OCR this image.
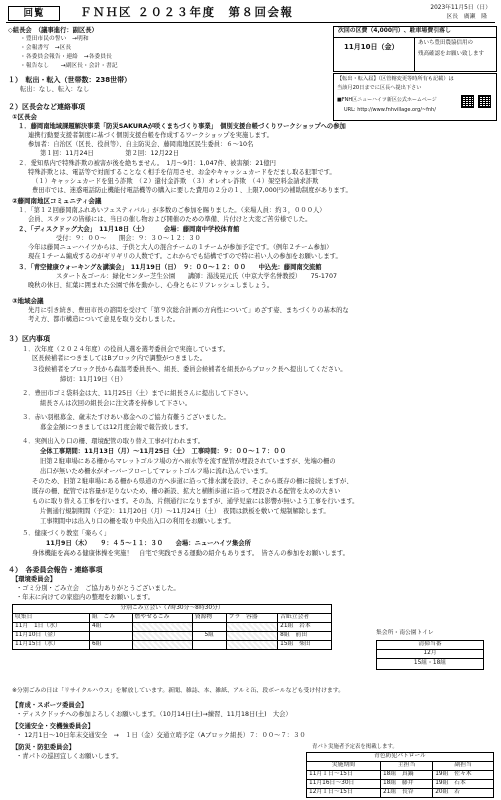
回覧	ＦＮＨ区 ２０２３年度　第８回会報	2023年11月5日（日）
区長　廣瀬　隆
次回の区費（4,000円）、駐車場費引落し
11月10日（金）	あいち豊田農協信用の
残高確認をお願い致します
【転出・転入届】（区管轄変更等時所有も記載）は
当該月20日までに区長へ提出下さい
■FNH区ニューハイツ新区公式ホームページ
URL: http://www.fnhvillage.org/~fnh/
◇組長会　（議事進行：副区長）
・豊田市民の誓い　→明和
・会報書写　→区長
・各委員会報告・連絡　→各委員長
・報告なし　　→副区長・会計・書記
１）　転出・転入（世帯数：238世帯）
転出：なし、転入：なし
２）区長会など連絡事項
①区長会
１．藤岡南地域課題解決事業「防災SAKURAが咲くまちづくり事業」　個別支援台帳づくりワークショップへの参加
連携行動要支援者制度に基づく個別支援台帳を作成するワークショップを実施します。
参加者：自治区（区長、役員等）、自主防災会、藤岡南地区民生委員：６～10名
第１回：11月24日　　　　　第２回：12月22日
２．愛知県内で特殊詐欺の被害が後を絶ちません。　1月～9月：1,047件、被害額：21億円
特殊詐欺とは、電話等で対面することなく相手を信用させ、お金やキャッシュカードをだまし取る犯罪です。
（１）キャッシュカードを狙う詐欺　（２）還付金詐欺　（３）オレオレ詐欺　（４）架空料金請求詐欺
豊田市では、迷惑電話防止機能付電話機等の購入に要した費用の２分の１、上限7,000円の補助制度があります。
②藤岡南地区コミュニティ会議
１．「第１２回藤岡南ふれあいフェスティバル」が多数のご参加を賜りました。（来場人員：約３，０００人）
会員、スタッフの皆様には、当日の催し物および開催のための準備、片付けと大変ご苦労様でした。
２、「ディスクドッグ大会」　11月18日（土）　　　会場：藤岡南中学校体育館
受付：９：００～　　開会：９：３０～１２：３０
今年は藤岡ニューハイツからは、子供と大人の混合チームの１チームが参加予定です。（例年２チーム参加）
現在１チーム編成するのがギリギリの人数です。これからでも結構ですので特に若い人の参加をお願いします。
３．「青空健康ウォーキング＆講演会」　11月19日（日）　９：００～１２：００　　中込先：藤岡南交流館
スタート＆ゴール：緑化センター芝生公園　　講師：湯浅晃元氏（中京大学名誉教授）　　75-1707
晩秋の休日、紅葉に囲まれた公園で体を動かし、心身ともにリフレッシュしましょう。
③地域会議
先月に引き続き、豊田市長の諮問を受けて「第９次総合計画の方向性について」めざす姿、まちづくりの基本的な
考え方、都市構造について意見を取り交わしました。
３）区内事項
１．次年度（２０２４年度）の役員人選を選考委員会で実施しています。
区長候補者につきましてはBブロック内で調整がつきました。
３役候補者をブロック長から森温考委員長へ、組長、委員会候補者を組長からブロック長へ提出してください。
締切：11月19日（日）
２．豊田市ゴミ袋料金は大、11月25日（土）までに組長さんに提出して下さい。
組長さんは次回の組長会に注文書を持参して下さい。
３．赤い羽根募金、歳末たすけあい募金へのご協力有難うございました。
募金金額につきましては12月度会報で報告致します。
４．実例出入り口の柵、環境配管の取り替え工事が行われます。
全体工事期間：11月13日（月）～11月25日（土）　工事時間：９：００～１７：００
旧第２駐車場にある柵からマレットゴルフ場の方へ雨水等を流す配管が埋設されていますが、先端の柵の
出口が無いため柵水がオーバーフローしてマレットゴルフ場に流れ込んでいます。
そのため、旧第２駐車場にある柵から県道の方へ歩道に沿って排水溝を設け、そこから既存の柵に接続しますが、
既存の柵、配管では容量が足りないため、柵の新設、拡大と横断歩道に沿って埋設される配管を太めの大きい
ものに取り替える工事を行います。その為、片側通行になりますが、通学児童には影響が無いよう工事を行います。
片側通行規制期間（予定）：11月20日（月）～11月24日（土）　夜間は鉄板を敷いて規制解除します。
工事期間中は出入り口の柵を取り中央出入口の利用をお願いします。
５．健康づくり教室「楽らく」
11月9日（木）　　９：４５～１１：３０　　会場：ニューハイツ集会所
身体機能を高める健康体操を実施！　自宅で実践できる運動の紹介もあります。　皆さんの参加をお願いします。
４）　各委員会報告・連絡事項
【環境委員会】
・ゴミ分別・ごみ立会　ご協力ありがとうございました。
・年末に向けての家庭内の整理をお願いします。
分別ごみ立会い（7時30分～8時30分）					
収集日	組　ごみ	燃やせるごみ	資源物	プラ　容器	古紙立会者
11月　1日（水）	4組				21組　岩本
11月10日（金）			5組		8組　前田
11月15日（水）	6組				15組　柴田	清掃当番
12月
15組・18組
集会所・南公園トイレ
※分別ごみの日は「リサイクルハウス」を解放しています。新聞、雑誌、本、雑紙、アルミ缶、段ボールなども受け付けます。
【育成・スポーツ委員会】
・ディスクドッチへの参加よろしくお願いします。（10月14日(土)→練習、11月18日(土)　大会）
【交通安全・交機強委員会】
・ 12月1日～10日年末交通安全　→　１日（金）交通立哨予定（Aブロック組長）７：００～７：３０
【防災・防犯委員会】
・青パトの巡回宜しくお願いします。
青パト実施者予定表を掲載します。
青色防犯パトロール		
実施期間	主担当	副担当
11月１日～15日	18組　真鍋	19組　佐々木
11月16日～30日	18組　藤井	19組　石本
12月１日～15日	21組　長谷	20組　若
